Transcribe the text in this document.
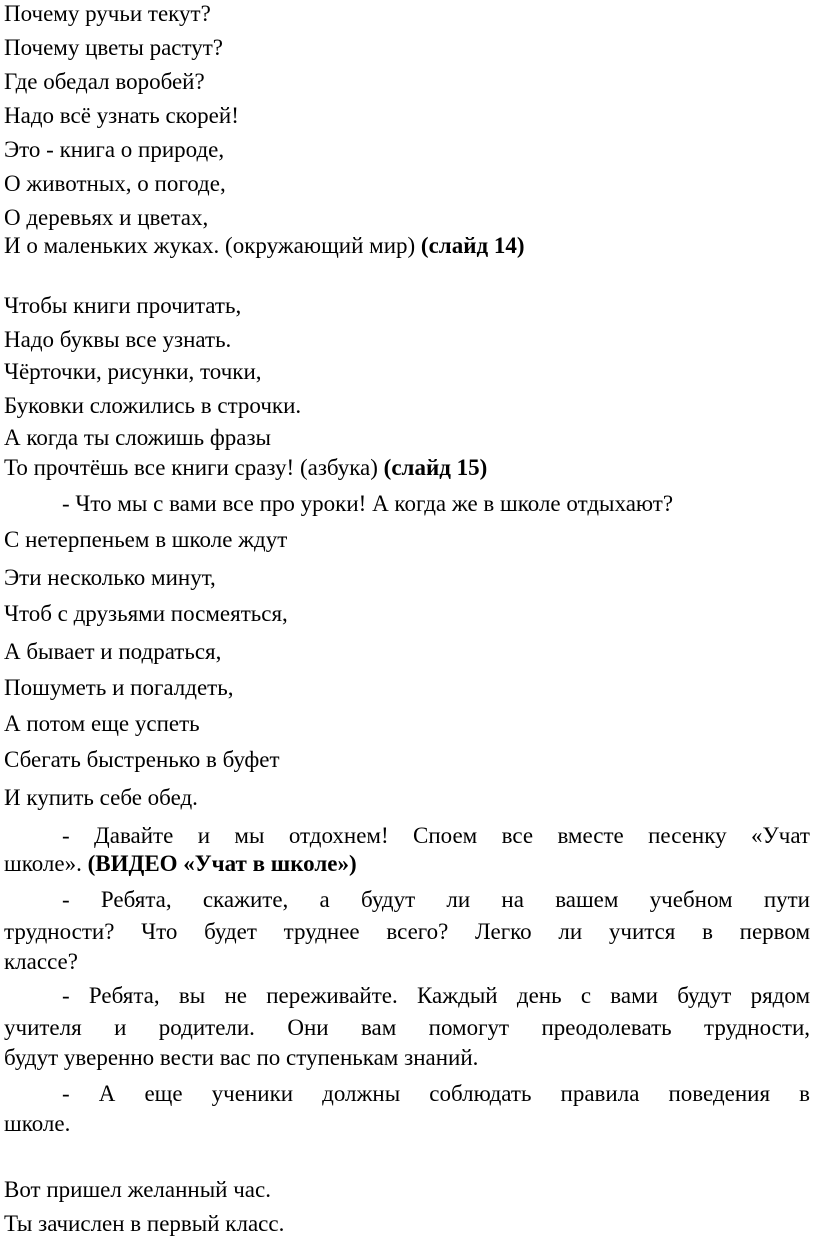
Почему ручьи текут?
Почему цветы растут?
Где обедал воробей?
Надо всё узнать скорей!
Это - книга о природе,
О животных, о погоде,
О деревьях и цветах,
И о маленьких жуках. (окружающий мир) (слайд 14)
Чтобы книги прочитать,
Надо буквы все узнать.
Чёрточки, рисунки, точки,
Буковки сложились в строчки.
А когда ты сложишь фразы
То прочтёшь все книги сразу! (азбука) (слайд 15)
- Что мы с вами все про уроки! А когда же в школе отдыхают?
С нетерпеньем в школе ждут
Эти несколько минут,
Чтоб с друзьями посмеяться,
А бывает и подраться,
Пошуметь и погалдеть,
А потом еще успеть
Сбегать быстренько в буфет
И купить себе обед.
- Давайте и мы отдохнем! Споем все вместе песенку «Учат
школе». (ВИДЕО «Учат в школе»)
- Ребята, скажите, а будут ли на вашем учебном пути
трудности? Что будет труднее всего? Легко ли учится в первом
классе?
- Ребята, вы не переживайте. Каждый день с вами будут рядом
учителя и родители. Они вам помогут преодолевать трудности,
будут уверенно вести вас по ступенькам знаний.
- А еще ученики должны соблюдать правила поведения в
школе.
Вот пришел желанный час.
Ты зачислен в первый класс.
